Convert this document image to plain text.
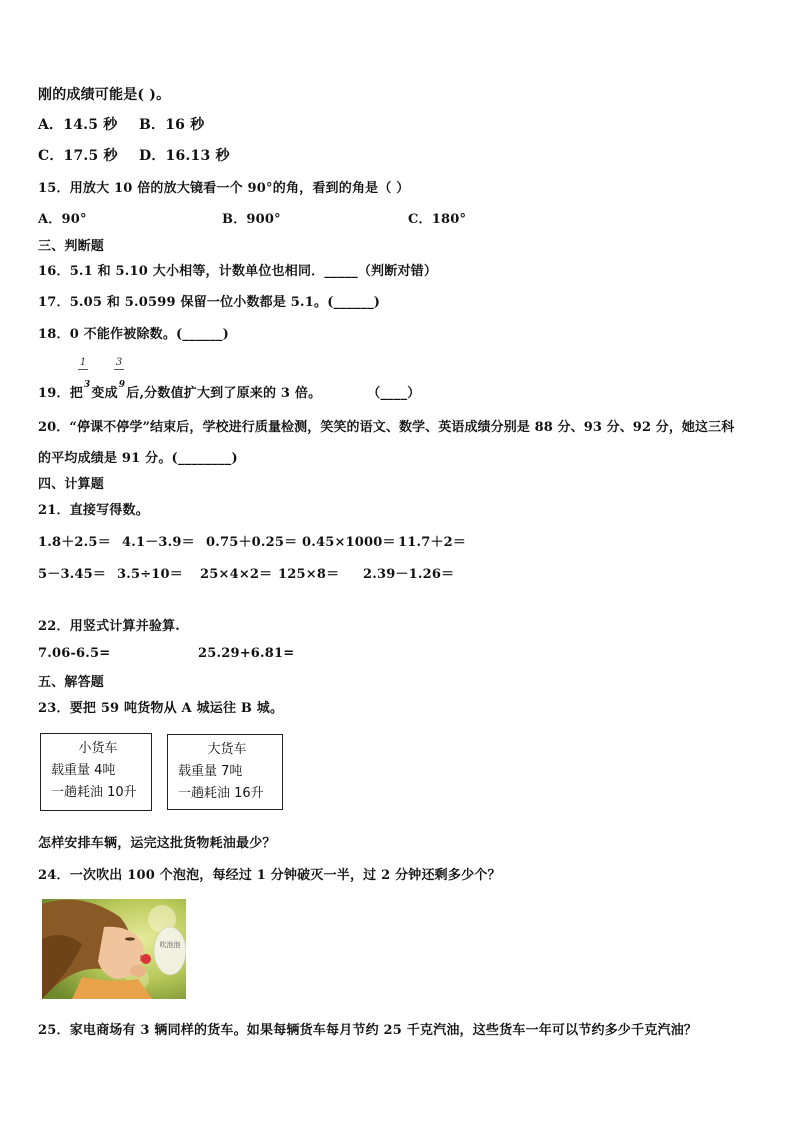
刚的成绩可能是( )。
A．14.5 秒	B．16 秒
C．17.5 秒	D．16.13 秒
15．用放大 10 倍的放大镜看一个 90°的角，看到的角是（ ）
A．90°	B．900°	C．180°
三、判断题
16．5.1 和 5.10 大小相等，计数单位也相同．_____（判断对错）
17．5.05 和 5.0599 保留一位小数都是 5.1。(______)
18．0 不能作被除数。(______)
1	3
19．把
3
变成
9
后,分数值扩大到了原来的 3 倍。	（____）
20．“停课不停学”结束后，学校进行质量检测，笑笑的语文、数学、英语成绩分别是 88 分、93 分、92 分，她这三科
的平均成绩是 91 分。(________)
四、计算题
21．直接写得数。
1.8＋2.5＝ 4.1－3.9＝ 0.75＋0.25＝ 0.45×1000＝ 11.7＋2＝
5－3.45＝ 3.5÷10＝	25×4×2＝ 125×8＝	2.39－1.26＝
22．用竖式计算并验算.
7.06-6.5=	25.29+6.81=
五、解答题
23．要把 59 吨货物从 A 城运往 B 城。
小货车
载重量 4吨
一趟耗油 10升
大货车
载重量 7吨
一趟耗油 16升
怎样安排车辆，运完这批货物耗油最少？
24．一次吹出 100 个泡泡，每经过 1 分钟破灭一半，过 2 分钟还剩多少个？
吹泡泡
25．家电商场有 3 辆同样的货车。如果每辆货车每月节约 25 千克汽油，这些货车一年可以节约多少千克汽油？
